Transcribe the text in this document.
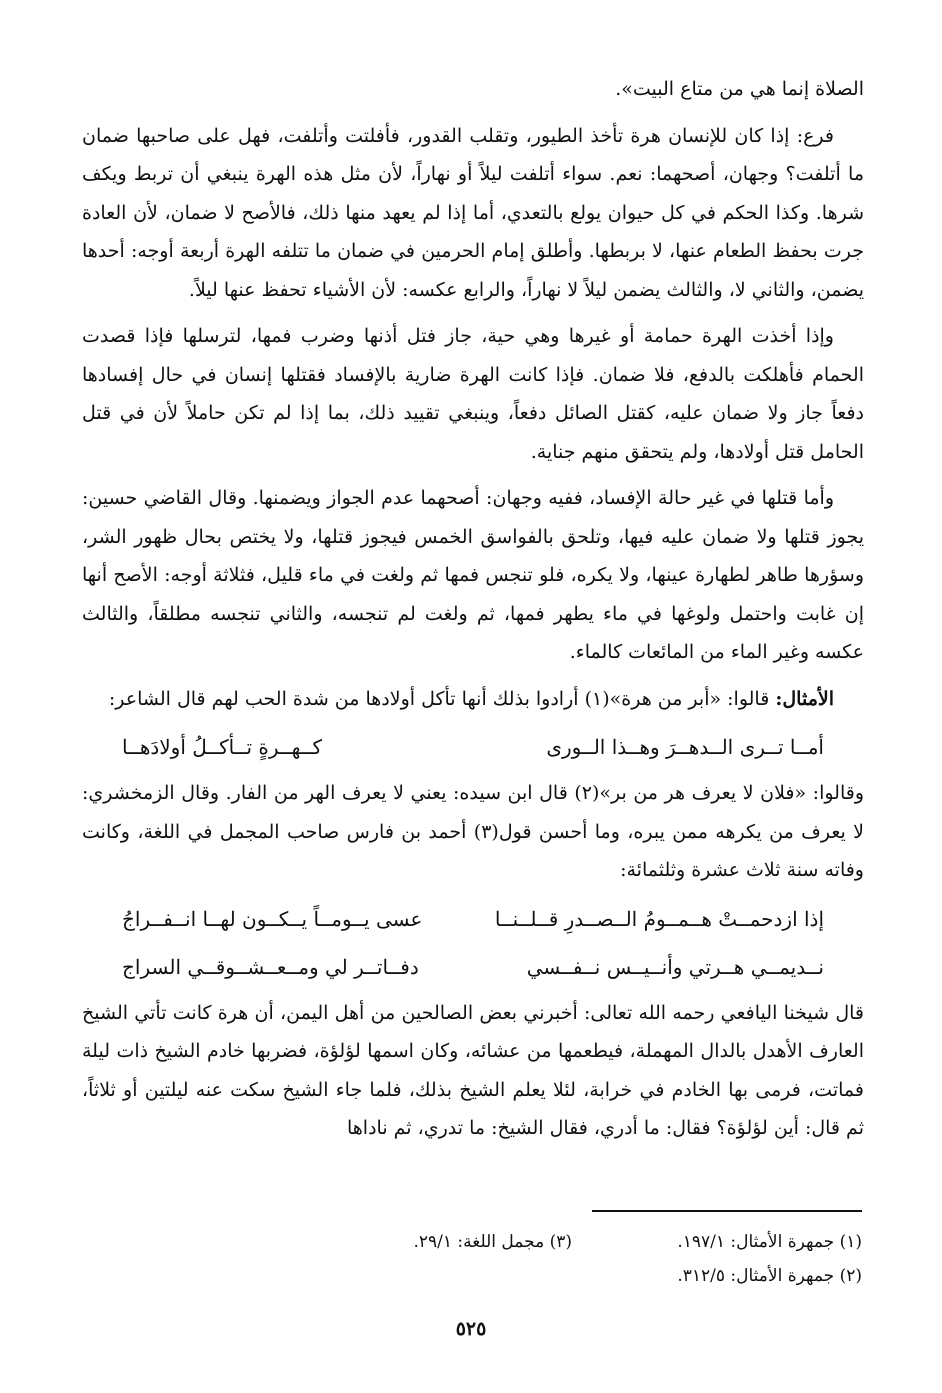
الصلاة إنما هي من متاع البيت».

فرع: إذا كان للإنسان هرة تأخذ الطيور، وتقلب القدور، فأفلتت وأتلفت، فهل على صاحبها ضمان ما أتلفت؟ وجهان، أصحهما: نعم. سواء أتلفت ليلاً أو نهاراً، لأن مثل هذه الهرة ينبغي أن تربط ويكف شرها. وكذا الحكم في كل حيوان يولع بالتعدي، أما إذا لم يعهد منها ذلك، فالأصح لا ضمان، لأن العادة جرت بحفظ الطعام عنها، لا بربطها. وأطلق إمام الحرمين في ضمان ما تتلفه الهرة أربعة أوجه: أحدها يضمن، والثاني لا، والثالث يضمن ليلاً لا نهاراً، والرابع عكسه: لأن الأشياء تحفظ عنها ليلاً.

وإذا أخذت الهرة حمامة أو غيرها وهي حية، جاز فتل أذنها وضرب فمها، لترسلها فإذا قصدت الحمام فأهلكت بالدفع، فلا ضمان. فإذا كانت الهرة ضارية بالإفساد فقتلها إنسان في حال إفسادها دفعاً جاز ولا ضمان عليه، كقتل الصائل دفعاً، وينبغي تقييد ذلك، بما إذا لم تكن حاملاً لأن في قتل الحامل قتل أولادها، ولم يتحقق منهم جناية.

وأما قتلها في غير حالة الإفساد، ففيه وجهان: أصحهما عدم الجواز ويضمنها. وقال القاضي حسين: يجوز قتلها ولا ضمان عليه فيها، وتلحق بالفواسق الخمس فيجوز قتلها، ولا يختص بحال ظهور الشر، وسؤرها طاهر لطهارة عينها، ولا يكره، فلو تنجس فمها ثم ولغت في ماء قليل، فثلاثة أوجه: الأصح أنها إن غابت واحتمل ولوغها في ماء يطهر فمها، ثم ولغت لم تنجسه، والثاني تنجسه مطلقاً، والثالث عكسه وغير الماء من المائعات كالماء.

الأمثال: قالوا: «أبر من هرة»(١) أرادوا بذلك أنها تأكل أولادها من شدة الحب لهم قال الشاعر:

أمــا تــرى الــدهــرَ وهــذا الــورى
كــهــرةٍ تــأكــلُ أولادَهــا

وقالوا: «فلان لا يعرف هر من بر»(٢) قال ابن سيده: يعني لا يعرف الهر من الفار. وقال الزمخشري: لا يعرف من يكرهه ممن يبره، وما أحسن قول(٣) أحمد بن فارس صاحب المجمل في اللغة، وكانت وفاته سنة ثلاث عشرة وثلثمائة:

إذا ازدحمــتْ هــمــومُ الــصــدرِ قــلــنــا
عسى يــومــاً يــكــون لهــا انــفــراجُ
نــديمــي هــرتي وأنــيــس نــفــسي
دفــاتــر لي ومــعــشــوقــي السراج

قال شيخنا اليافعي رحمه الله تعالى: أخبرني بعض الصالحين من أهل اليمن، أن هرة كانت تأتي الشيخ العارف الأهدل بالدال المهملة، فيطعمها من عشائه، وكان اسمها لؤلؤة، فضربها خادم الشيخ ذات ليلة فماتت، فرمى بها الخادم في خرابة، لئلا يعلم الشيخ بذلك، فلما جاء الشيخ سكت عنه ليلتين أو ثلاثاً، ثم قال: أين لؤلؤة؟ فقال: ما أدري، فقال الشيخ: ما تدري، ثم ناداها

(١) جمهرة الأمثال: ١٩٧/١.
(٣) مجمل اللغة: ٢٩/١.
(٢) جمهرة الأمثال: ٣١٢/٥.
٥٢٥
